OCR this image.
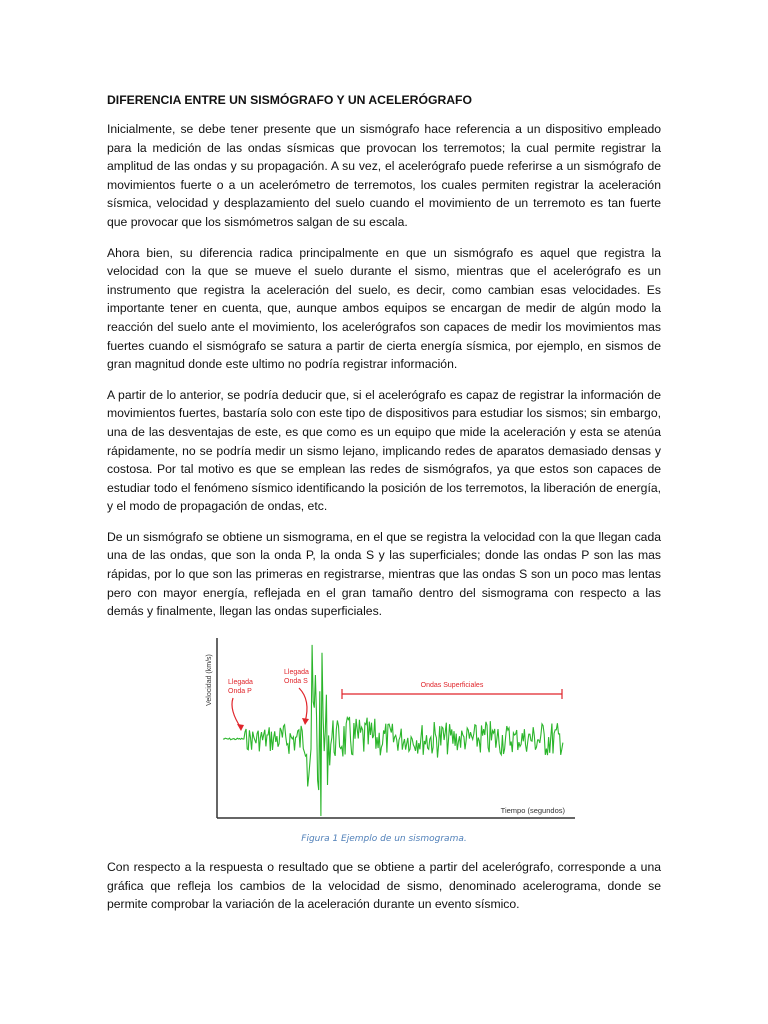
DIFERENCIA ENTRE UN SISMÓGRAFO Y UN ACELERÓGRAFO

Inicialmente, se debe tener presente que un sismógrafo hace referencia a un dispositivo empleado para la medición de las ondas sísmicas que provocan los terremotos; la cual permite registrar la amplitud de las ondas y su propagación. A su vez, el acelerógrafo puede referirse a un sismógrafo de movimientos fuerte o a un acelerómetro de terremotos, los cuales permiten registrar la aceleración sísmica, velocidad y desplazamiento del suelo cuando el movimiento de un terremoto es tan fuerte que provocar que los sismómetros salgan de su escala.

Ahora bien, su diferencia radica principalmente en que un sismógrafo es aquel que registra la velocidad con la que se mueve el suelo durante el sismo, mientras que el acelerógrafo es un instrumento que registra la aceleración del suelo, es decir, como cambian esas velocidades. Es importante tener en cuenta, que, aunque ambos equipos se encargan de medir de algún modo la reacción del suelo ante el movimiento, los acelerógrafos son capaces de medir los movimientos mas fuertes cuando el sismógrafo se satura a partir de cierta energía sísmica, por ejemplo, en sismos de gran magnitud donde este ultimo no podría registrar información.

A partir de lo anterior, se podría deducir que, si el acelerógrafo es capaz de registrar la información de movimientos fuertes, bastaría solo con este tipo de dispositivos para estudiar los sismos; sin embargo, una de las desventajas de este, es que como es un equipo que mide la aceleración y esta se atenúa rápidamente, no se podría medir un sismo lejano, implicando redes de aparatos demasiado densas y costosa. Por tal motivo es que se emplean las redes de sismógrafos, ya que estos son capaces de estudiar todo el fenómeno sísmico identificando la posición de los terremotos, la liberación de energía, y el modo de propagación de ondas, etc.

De un sismógrafo se obtiene un sismograma, en el que se registra la velocidad con la que llegan cada una de las ondas, que son la onda P, la onda S y las superficiales; donde las ondas P son las mas rápidas, por lo que son las primeras en registrarse, mientras que las ondas S son un poco mas lentas pero con mayor energía, reflejada en el gran tamaño dentro del sismograma con respecto a las demás y finalmente, llegan las ondas superficiales.

Velocidad (km/s)
Tiempo (segundos)
Llegada
Onda P
Llegada
Onda S
Ondas Superficiales
Figura 1 Ejemplo de un sismograma.

Con respecto a la respuesta o resultado que se obtiene a partir del acelerógrafo, corresponde a una gráfica que refleja los cambios de la velocidad de sismo, denominado acelerograma, donde se permite comprobar la variación de la aceleración durante un evento sísmico.
